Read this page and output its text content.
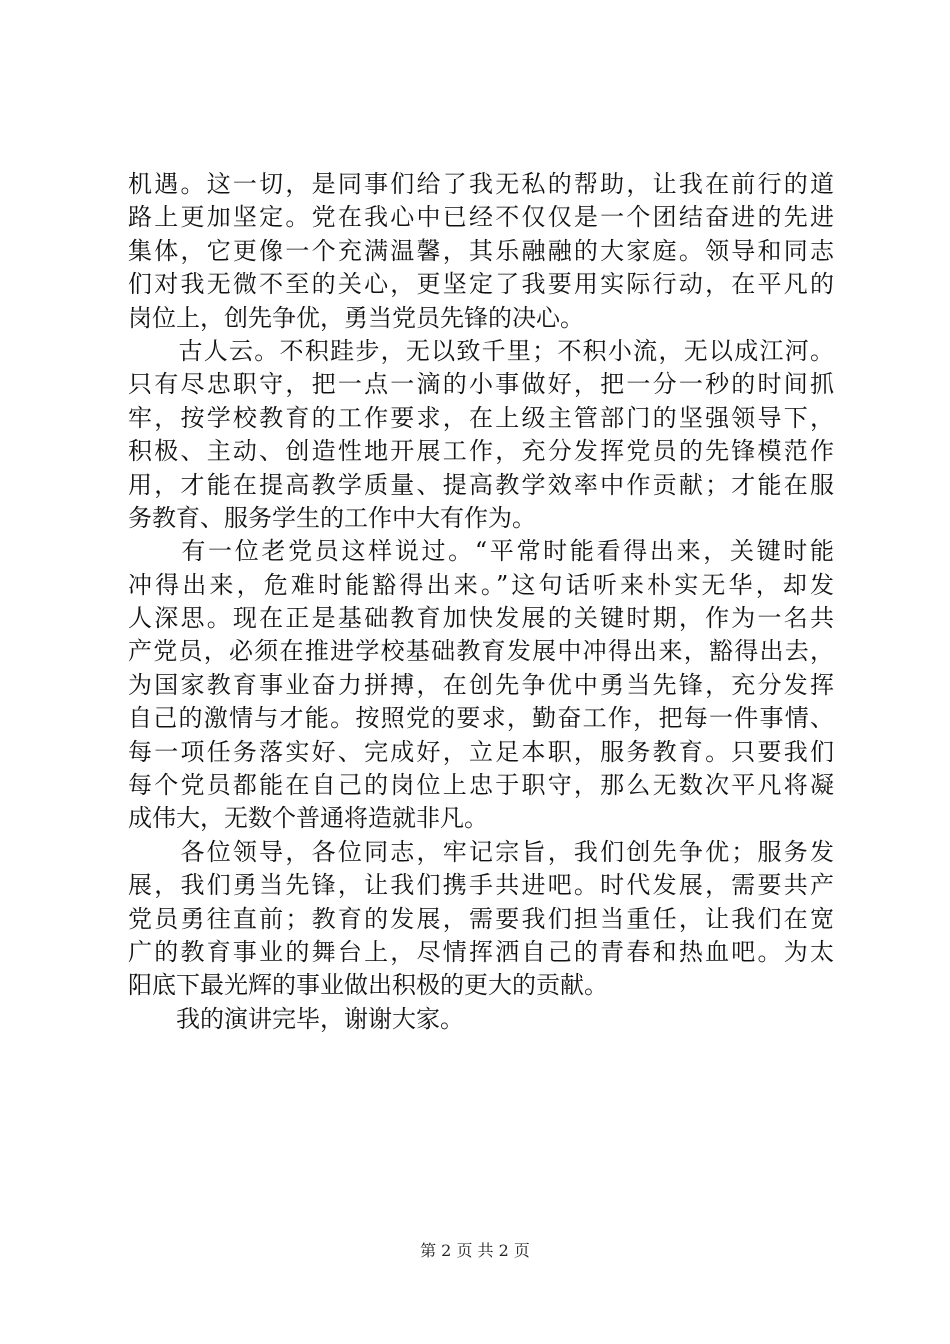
机遇。这一切，是同事们给了我无私的帮助，让我在前行的道
路上更加坚定。党在我心中已经不仅仅是一个团结奋进的先进
集体，它更像一个充满温馨，其乐融融的大家庭。领导和同志
们对我无微不至的关心，更坚定了我要用实际行动，在平凡的
岗位上，创先争优，勇当党员先锋的决心。
　　古人云。不积跬步，无以致千里；不积小流，无以成江河。
只有尽忠职守，把一点一滴的小事做好，把一分一秒的时间抓
牢，按学校教育的工作要求，在上级主管部门的坚强领导下，
积极、主动、创造性地开展工作，充分发挥党员的先锋模范作
用，才能在提高教学质量、提高教学效率中作贡献；才能在服
务教育、服务学生的工作中大有作为。
　　有一位老党员这样说过。“平常时能看得出来，关键时能
冲得出来，危难时能豁得出来。”这句话听来朴实无华，却发
人深思。现在正是基础教育加快发展的关键时期，作为一名共
产党员，必须在推进学校基础教育发展中冲得出来，豁得出去，
为国家教育事业奋力拼搏，在创先争优中勇当先锋，充分发挥
自己的激情与才能。按照党的要求，勤奋工作，把每一件事情、
每一项任务落实好、完成好，立足本职，服务教育。只要我们
每个党员都能在自己的岗位上忠于职守，那么无数次平凡将凝
成伟大，无数个普通将造就非凡。
　　各位领导，各位同志，牢记宗旨，我们创先争优；服务发
展，我们勇当先锋，让我们携手共进吧。时代发展，需要共产
党员勇往直前；教育的发展，需要我们担当重任，让我们在宽
广的教育事业的舞台上，尽情挥洒自己的青春和热血吧。为太
阳底下最光辉的事业做出积极的更大的贡献。
　　我的演讲完毕，谢谢大家。
第 2 页 共 2 页
